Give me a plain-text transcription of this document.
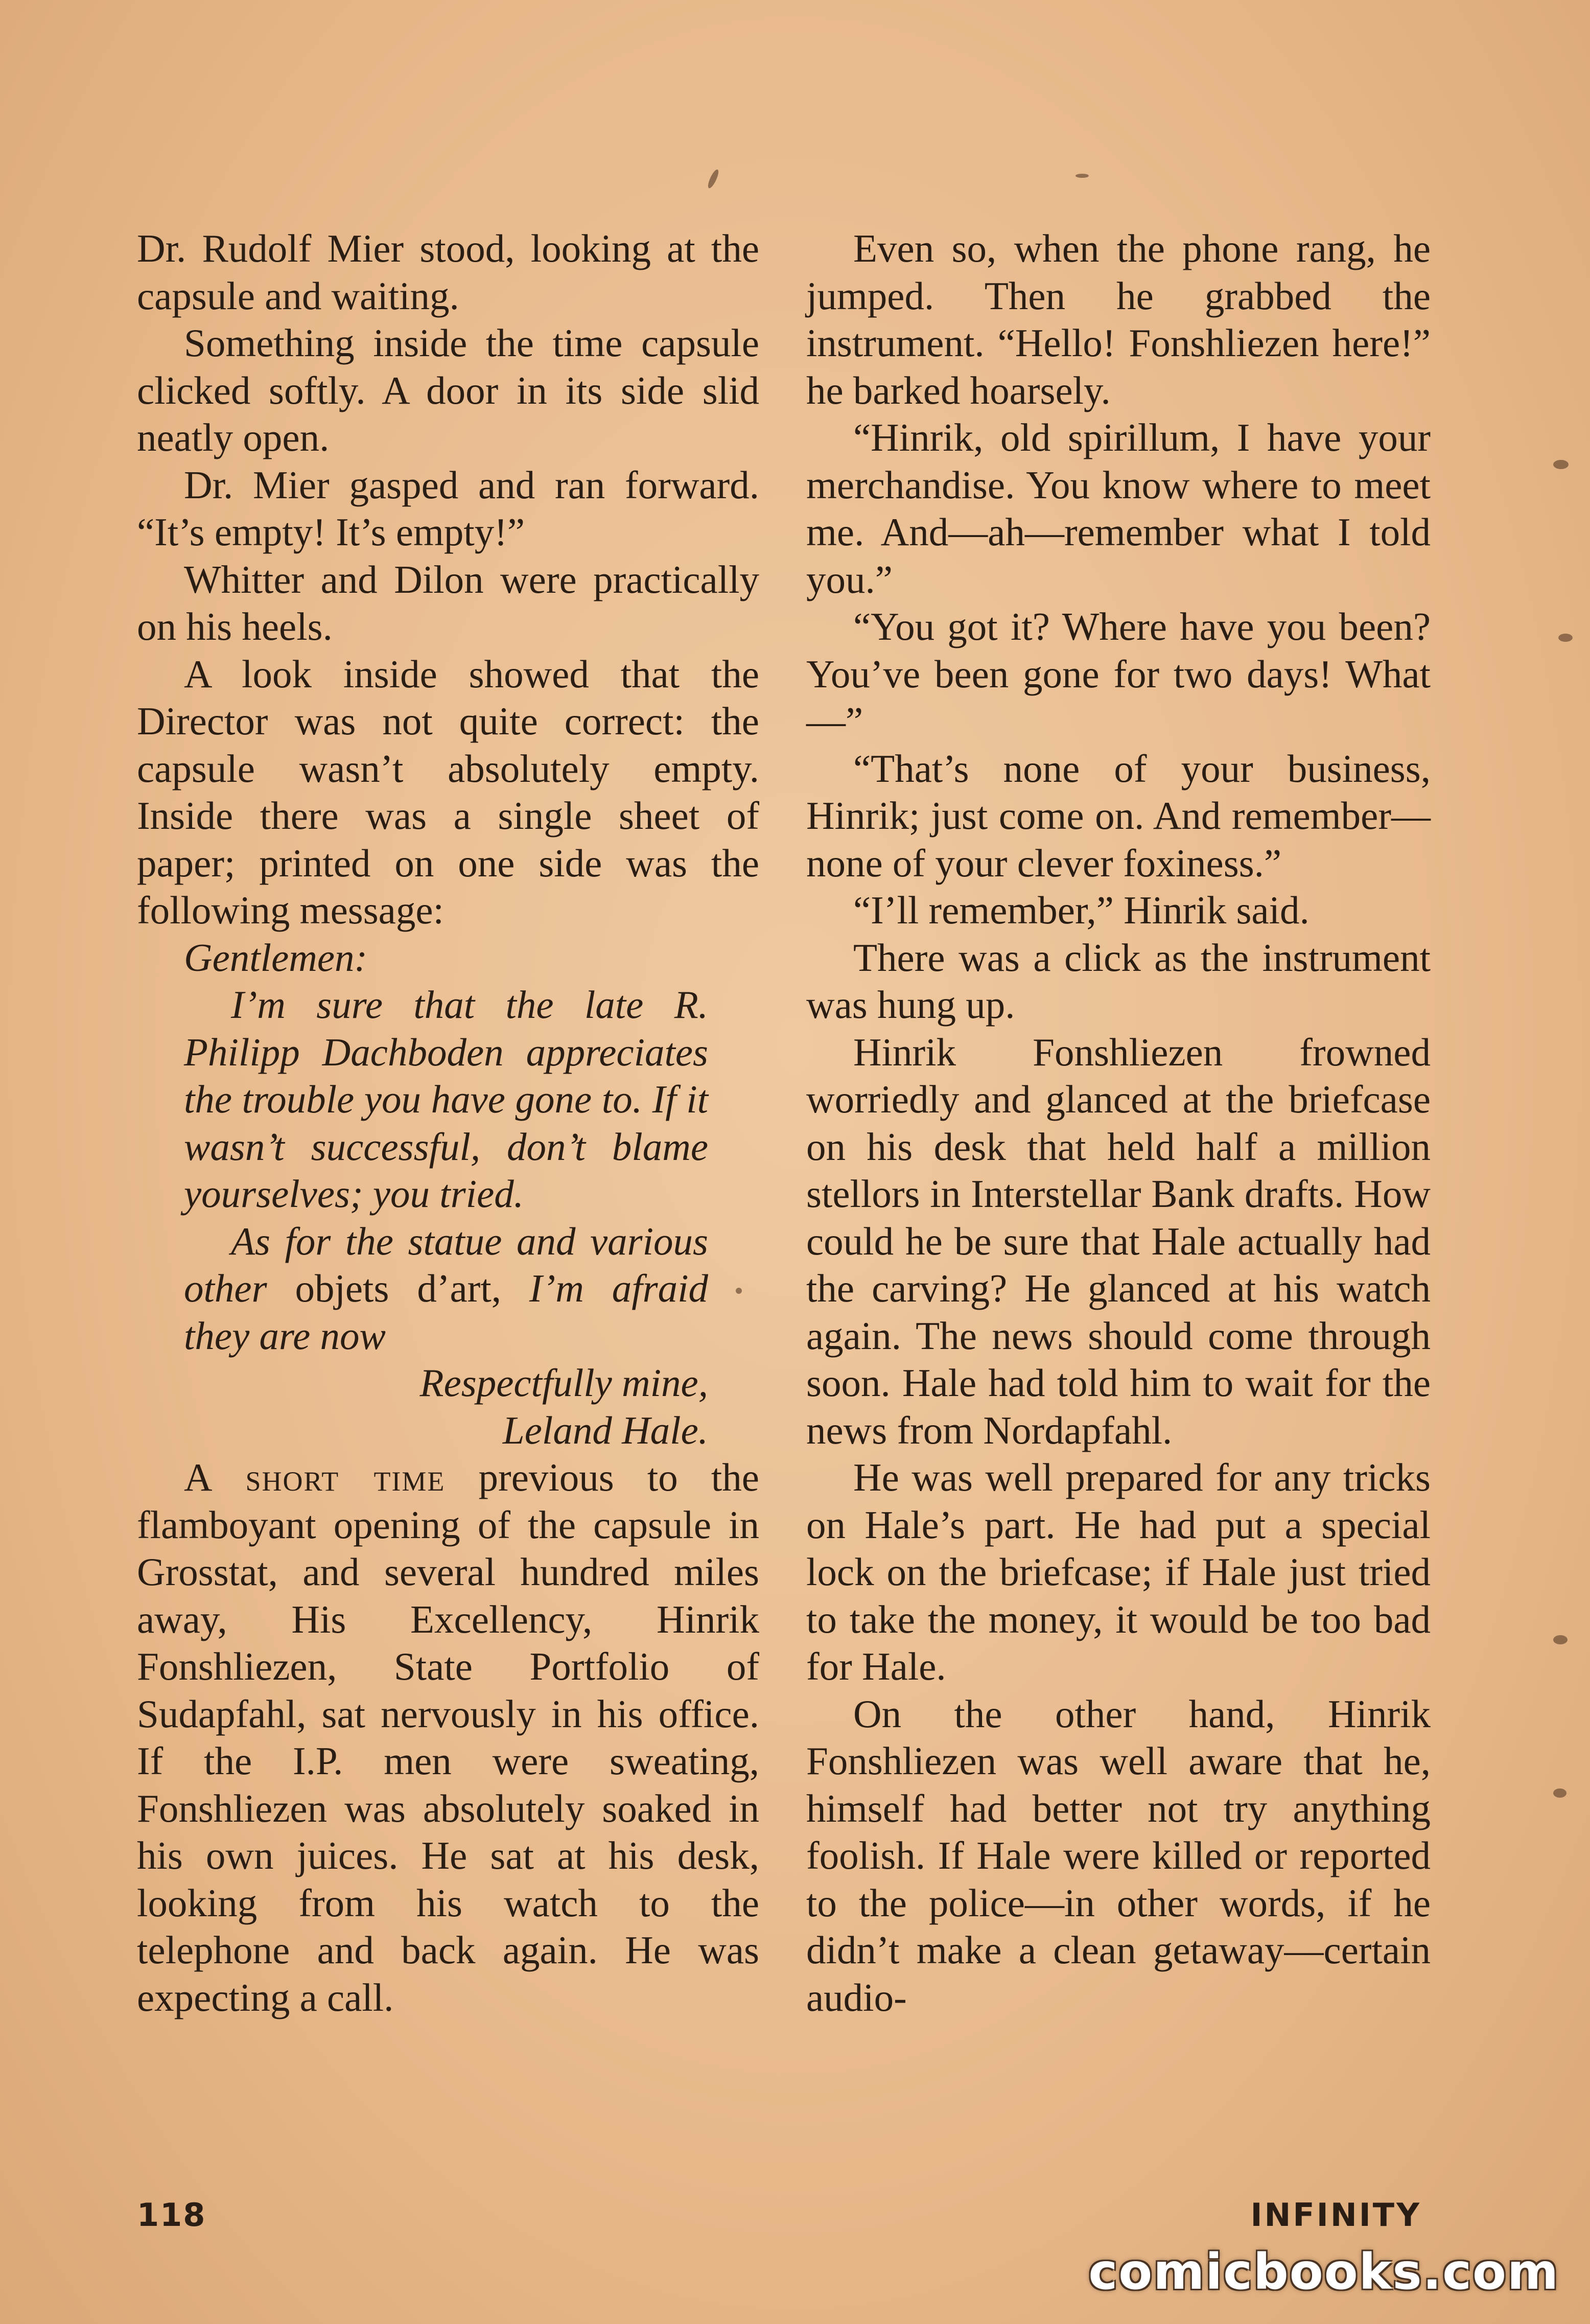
Dr. Rudolf Mier stood, looking at the capsule and waiting.

Something inside the time capsule clicked softly. A door in its side slid neatly open.

Dr. Mier gasped and ran forward. “It’s empty! It’s empty!”

Whitter and Dilon were practically on his heels.

A look inside showed that the Director was not quite correct: the capsule wasn’t absolutely empty. Inside there was a single sheet of paper; printed on one side was the following message:

Gentlemen:

I’m sure that the late R. Philipp Dachboden appreciates the trouble you have gone to. If it wasn’t successful, don’t blame yourselves; you tried.

As for the statue and various other objets d’art, I’m afraid they are now

Respectfully mine,

Leland Hale.

A short time previous to the flamboyant opening of the capsule in Grosstat, and several hundred miles away, His Excellency, Hinrik Fonshliezen, State Portfolio of Sudapfahl, sat nervously in his office. If the I.P. men were sweating, Fonshliezen was absolutely soaked in his own juices. He sat at his desk, looking from his watch to the telephone and back again. He was expecting a call.

Even so, when the phone rang, he jumped. Then he grabbed the instrument. “Hello! Fonshliezen here!” he barked hoarsely.

“Hinrik, old spirillum, I have your merchandise. You know where to meet me. And—ah—remember what I told you.”

“You got it? Where have you been? You’ve been gone for two days! What—”

“That’s none of your business, Hinrik; just come on. And remember—none of your clever foxiness.”

“I’ll remember,” Hinrik said.

There was a click as the instrument was hung up.

Hinrik Fonshliezen frowned worriedly and glanced at the briefcase on his desk that held half a million stellors in Interstellar Bank drafts. How could he be sure that Hale actually had the carving? He glanced at his watch again. The news should come through soon. Hale had told him to wait for the news from Nordapfahl.

He was well prepared for any tricks on Hale’s part. He had put a special lock on the briefcase; if Hale just tried to take the money, it would be too bad for Hale.

On the other hand, Hinrik Fonshliezen was well aware that he, himself had better not try anything foolish. If Hale were killed or reported to the police—in other words, if he didn’t make a clean getaway—certain audio-

118	INFINITY
comicbooks.com
